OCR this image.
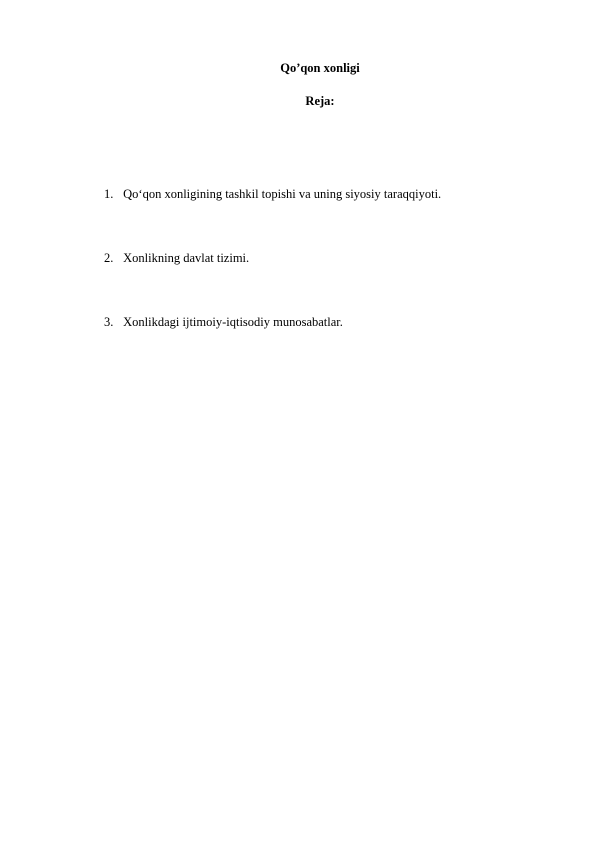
Qo’qon xonligi
Reja:
1. Qo‘qon xonligining tashkil topishi va uning siyosiy taraqqiyoti.
2. Xonlikning davlat tizimi.
3. Xonlikdagi ijtimoiy-iqtisodiy munosabatlar.
